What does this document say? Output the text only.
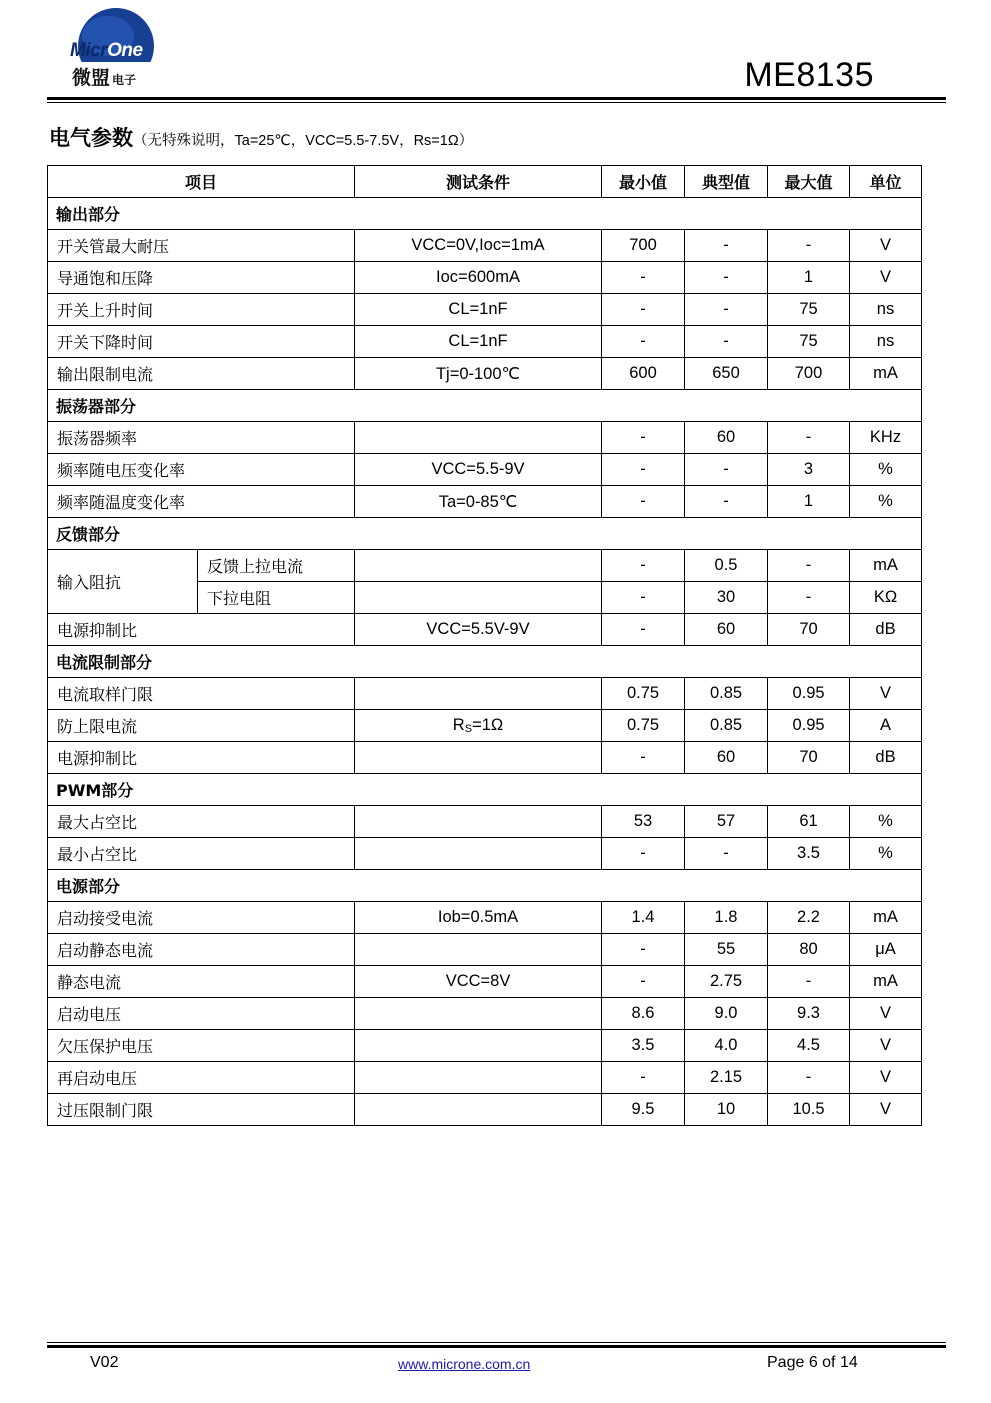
MicrOne
微盟 电子	ME8135
电气参数（无特殊说明，Ta=25℃，VCC=5.5-7.5V，Rs=1Ω）
项目		测试条件	最小值	典型值	最大值	单位
输出部分						
开关管最大耐压		VCC=0V,Ioc=1mA	700	-	-	V
导通饱和压降		Ioc=600mA	-	-	1	V
开关上升时间		CL=1nF	-	-	75	ns
开关下降时间		CL=1nF	-	-	75	ns
输出限制电流		Tj=0-100℃	600	650	700	mA
振荡器部分						
振荡器频率			-	60	-	KHz
频率随电压变化率		VCC=5.5-9V	-	-	3	%
频率随温度变化率		Ta=0-85℃	-	-	1	%
反馈部分						
输入阻抗	反馈上拉电流		-	0.5	-	mA
	下拉电阻		-	30	-	KΩ
电源抑制比		VCC=5.5V-9V	-	60	70	dB
电流限制部分						
电流取样门限			0.75	0.85	0.95	V
防上限电流		$R_S=1\Omega$	0.75	0.85	0.95	A
电源抑制比			-	60	70	dB
PWM部分						
最大占空比			53	57	61	%
最小占空比			-	-	3.5	%
电源部分						
启动接受电流		Iob=0.5mA	1.4	1.8	2.2	mA
启动静态电流			-	55	80	μA
静态电流		VCC=8V	-	2.75	-	mA
启动电压			8.6	9.0	9.3	V
欠压保护电压			3.5	4.0	4.5	V
再启动电压			-	2.15	-	V
过压限制门限			9.5	10	10.5	V
V02	www.microne.com.cn	Page 6 of 14
